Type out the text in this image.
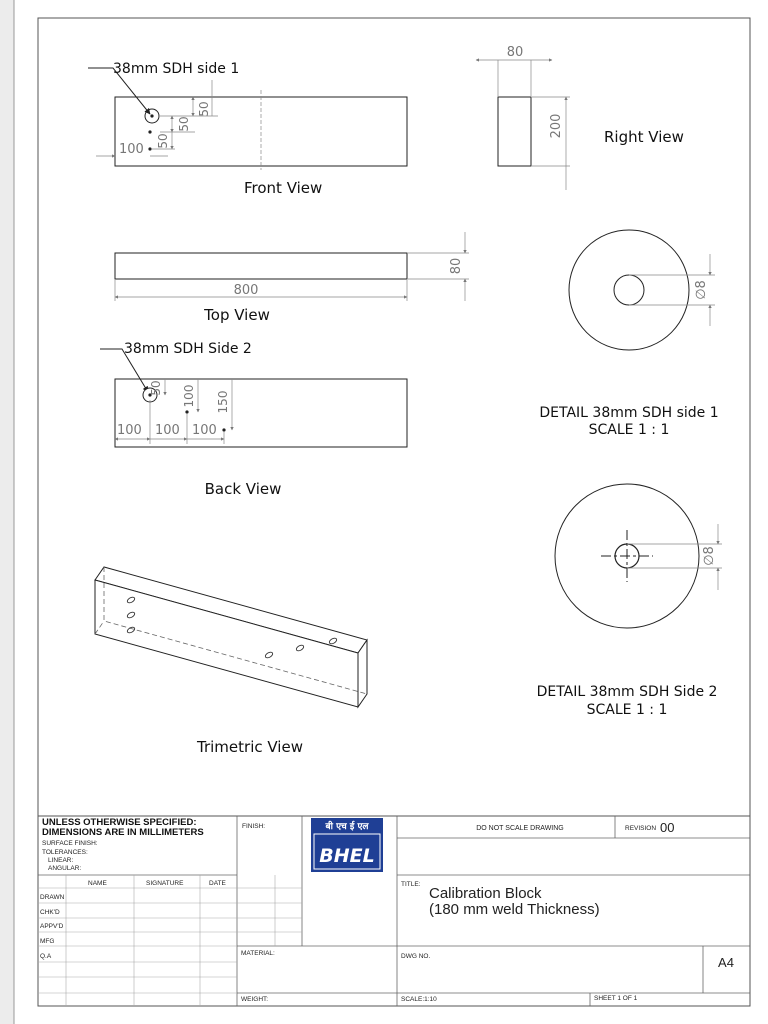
38mm SDH side 1
50
50
50
100
Front View
80
200	Right View
800
80
Top View
38mm SDH Side 2
50 100 150
100 100 100
Back View
∅8
DETAIL 38mm SDH side 1
SCALE 1 : 1
∅8
DETAIL 38mm SDH Side 2
SCALE 1 : 1
Trimetric View
UNLESS OTHERWISE SPECIFIED:
DIMENSIONS ARE IN MILLIMETERS
SURFACE FINISH:
TOLERANCES:
LINEAR:
ANGULAR:
FINISH:	बी एच ई एल
BHEL
DO NOT SCALE DRAWING	REVISION 00
NAME	SIGNATURE	DATE
DRAWN
CHK'D
APPV'D
MFG
Q.A
TITLE:
Calibration Block
(180 mm weld Thickness)
MATERIAL:	DWG NO.	A4
WEIGHT:	SCALE:1:10	SHEET 1 OF 1
